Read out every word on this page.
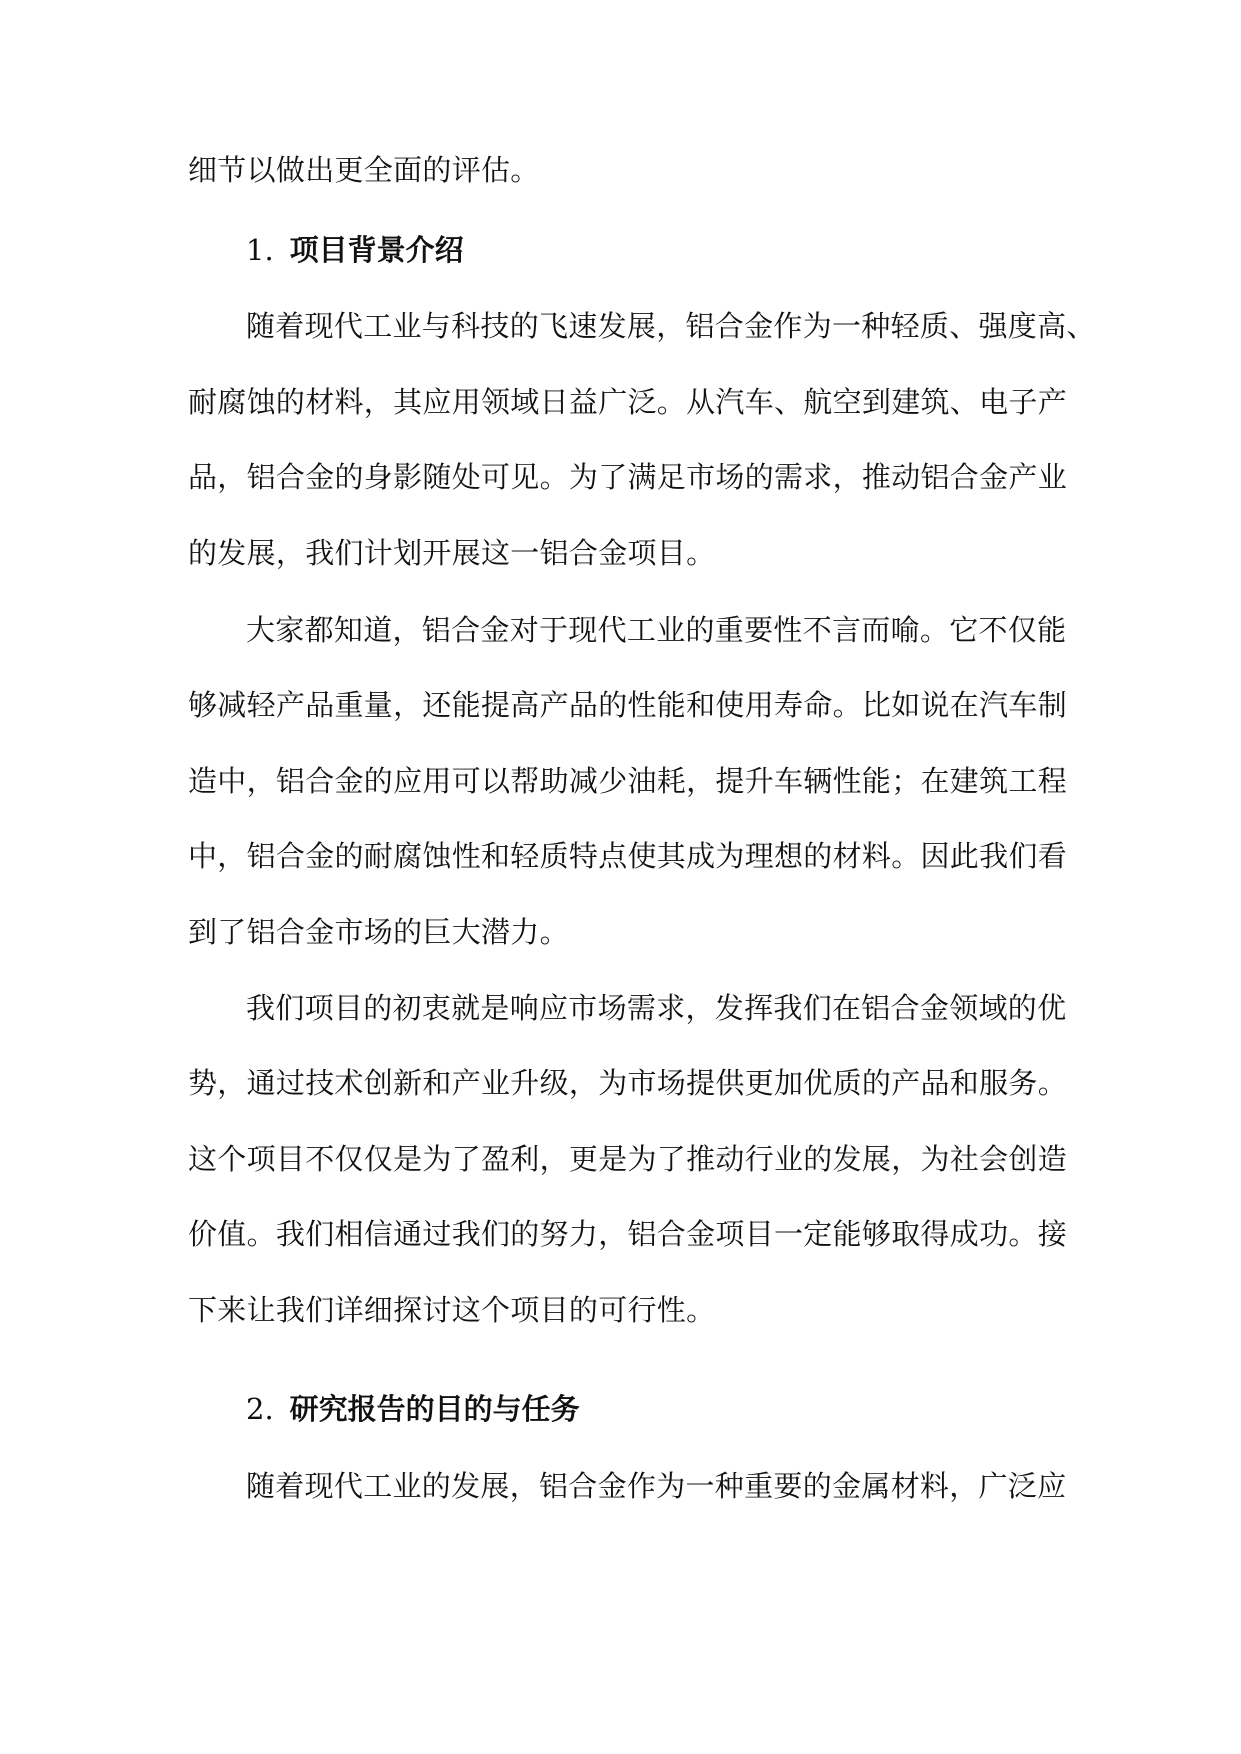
细节以做出更全面的评估。
1. 项目背景介绍
随着现代工业与科技的飞速发展，铝合金作为一种轻质、强度高、
耐腐蚀的材料，其应用领域日益广泛。从汽车、航空到建筑、电子产
品，铝合金的身影随处可见。为了满足市场的需求，推动铝合金产业
的发展，我们计划开展这一铝合金项目。
大家都知道，铝合金对于现代工业的重要性不言而喻。它不仅能
够减轻产品重量，还能提高产品的性能和使用寿命。比如说在汽车制
造中，铝合金的应用可以帮助减少油耗，提升车辆性能；在建筑工程
中，铝合金的耐腐蚀性和轻质特点使其成为理想的材料。因此我们看
到了铝合金市场的巨大潜力。
我们项目的初衷就是响应市场需求，发挥我们在铝合金领域的优
势，通过技术创新和产业升级，为市场提供更加优质的产品和服务。
这个项目不仅仅是为了盈利，更是为了推动行业的发展，为社会创造
价值。我们相信通过我们的努力，铝合金项目一定能够取得成功。接
下来让我们详细探讨这个项目的可行性。
2. 研究报告的目的与任务
随着现代工业的发展，铝合金作为一种重要的金属材料，广泛应
